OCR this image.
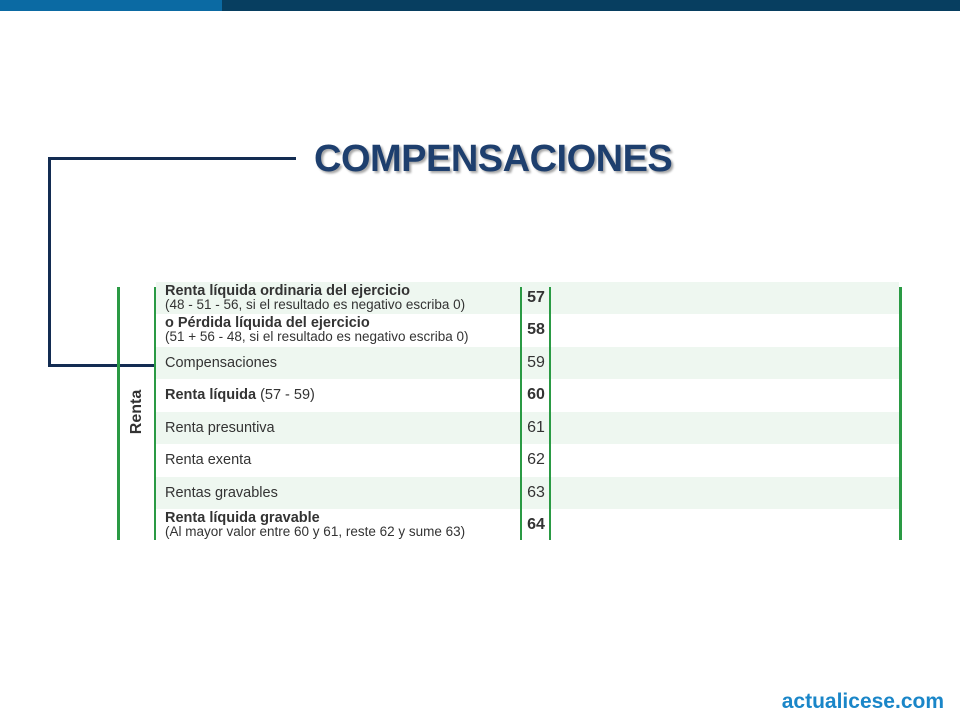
COMPENSACIONES
Renta líquida ordinaria del ejercicio
(48 - 51 - 56, si el resultado es negativo escriba 0)	57
o Pérdida líquida del ejercicio
(51 + 56 - 48, si el resultado es negativo escriba 0)	58
Compensaciones	59
Renta líquida (57 - 59)	60
Renta presuntiva	61
Renta exenta	62
Rentas gravables	63
Renta líquida gravable
(Al mayor valor entre 60 y 61, reste 62 y sume 63)	64
Renta
actualicese.com
